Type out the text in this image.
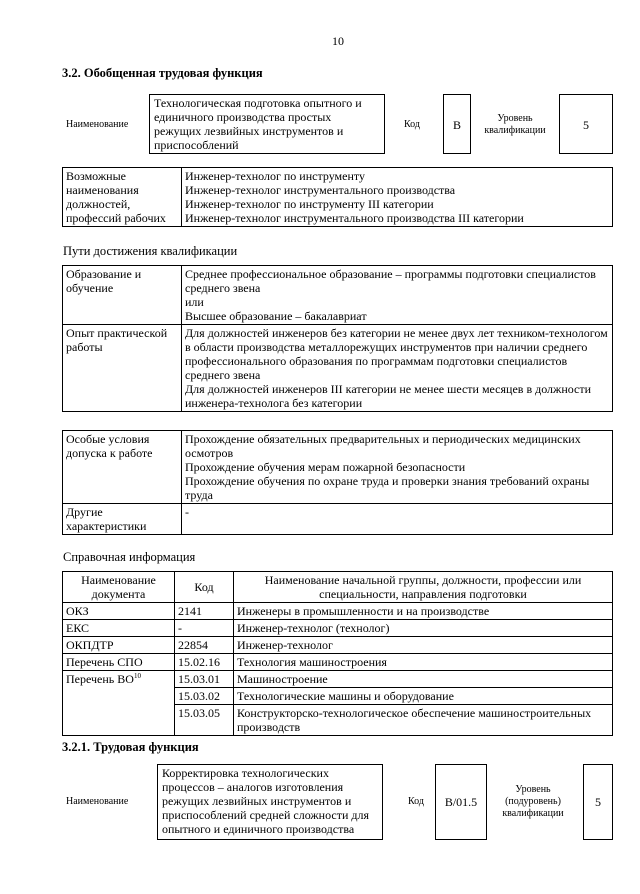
10
3.2. Обобщенная трудовая функция
Наименование
Технологическая подготовка опытного и единичного производства простых режущих лезвийных инструментов и приспособлений
Код	B	Уровень квалификации	5
Возможные наименования должностей, профессий рабочих	
Инженер-технолог по инструменту
Инженер-технолог инструментального производства
Инженер-технолог по инструменту III категории
Инженер-технолог инструментального производства III категории
Пути достижения квалификации
Образование и обучение	Среднее профессиональное образование – программы подготовки специалистов среднего звена
или
Высшее образование – бакалавриат

Опыт практической работы	Для должностей инженеров без категории не менее двух лет техником-технологом в области производства металлорежущих инструментов при наличии среднего профессионального образования по программам подготовки специалистов среднего звена
Для должностей инженеров III категории не менее шести месяцев в должности инженера-технолога без категории
Особые условия допуска к работе	Прохождение обязательных предварительных и периодических медицинских осмотров
Прохождение обучения мерам пожарной безопасности
Прохождение обучения по охране труда и проверки знания требований охраны труда

Другие характеристики	-
Справочная информация
Наименование документа	Код	Наименование начальной группы, должности, профессии или специальности, направления подготовки
ОКЗ	2141	Инженеры в промышленности и на производстве
ЕКС	-	Инженер-технолог (технолог)
ОКПДТР	22854	Инженер-технолог
Перечень СПО	15.02.16	Технология машиностроения
Перечень ВО$^{10}$	15.03.01	Машиностроение
	15.03.02	Технологические машины и оборудование
	15.03.05	Конструкторско-технологическое обеспечение машиностроительных производств
3.2.1. Трудовая функция
Наименование
Корректировка технологических процессов – аналогов изготовления режущих лезвийных инструментов и приспособлений средней сложности для опытного и единичного производства
Код	B/01.5
Уровень (подуровень) квалификации
5
